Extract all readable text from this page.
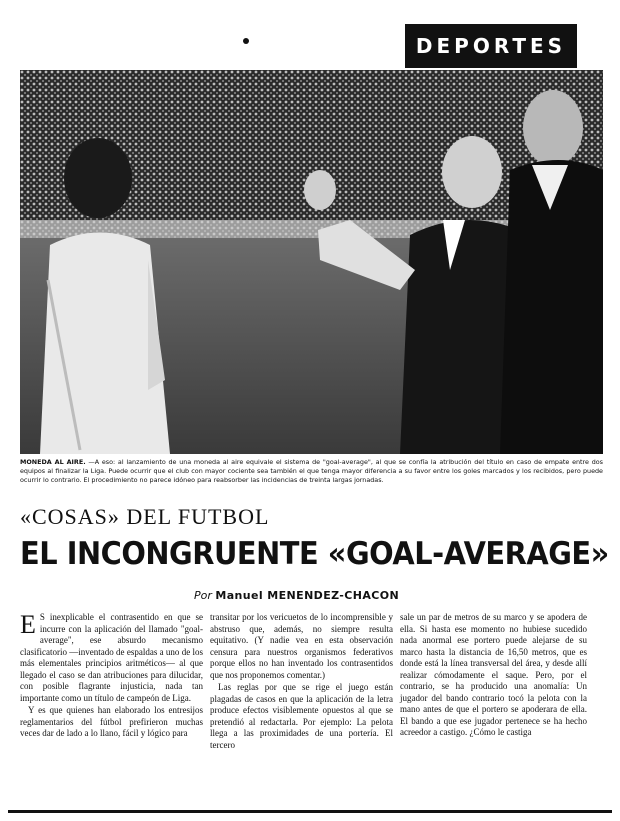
DEPORTES
MONEDA AL AIRE. —A eso: al lanzamiento de una moneda al aire equivale el sistema de "goal-average", al que se confía la atribución del título en caso de empate entre dos equipos al finalizar la Liga. Puede ocurrir que el club con mayor cociente sea también el que tenga mayor diferencia a su favor entre los goles marcados y los recibidos, pero puede ocurrir lo contrario. El procedimiento no parece idóneo para reabsorber las incidencias de treinta largas jornadas.
«COSAS» DEL FUTBOL
EL INCONGRUENTE «GOAL-AVERAGE»
Por Manuel MENENDEZ-CHACON

E S inexplicable el contrasentido en que se incurre con la aplicación del llamado "goal-average", ese absurdo mecanismo clasificatorio —inventado de espaldas a uno de los más elementales principios aritméticos— al que llegado el caso se dan atribuciones para dilucidar, con posible flagrante injusticia, nada tan importante como un título de campeón de Liga.

Y es que quienes han elaborado los entresijos reglamentarios del fútbol prefirieron muchas veces dar de lado a lo llano, fácil y lógico para

transitar por los vericuetos de lo incomprensible y abstruso que, además, no siempre resulta equitativo. (Y nadie vea en esta observación censura para nuestros organismos federativos porque ellos no han inventado los contrasentidos que nos proponemos comentar.)

Las reglas por que se rige el juego están plagadas de casos en que la aplicación de la letra produce efectos visiblemente opuestos al que se pretendió al redactarla. Por ejemplo: La pelota llega a las proximidades de una portería. El tercero

sale un par de metros de su marco y se apodera de ella. Si hasta ese momento no hubiese sucedido nada anormal ese portero puede alejarse de su marco hasta la distancia de 16,50 metros, que es donde está la línea transversal del área, y desde allí realizar cómodamente el saque. Pero, por el contrario, se ha producido una anomalía: Un jugador del bando contrario tocó la pelota con la mano antes de que el portero se apoderara de ella. El bando a que ese jugador pertenece se ha hecho acreedor a castigo. ¿Cómo le castiga
